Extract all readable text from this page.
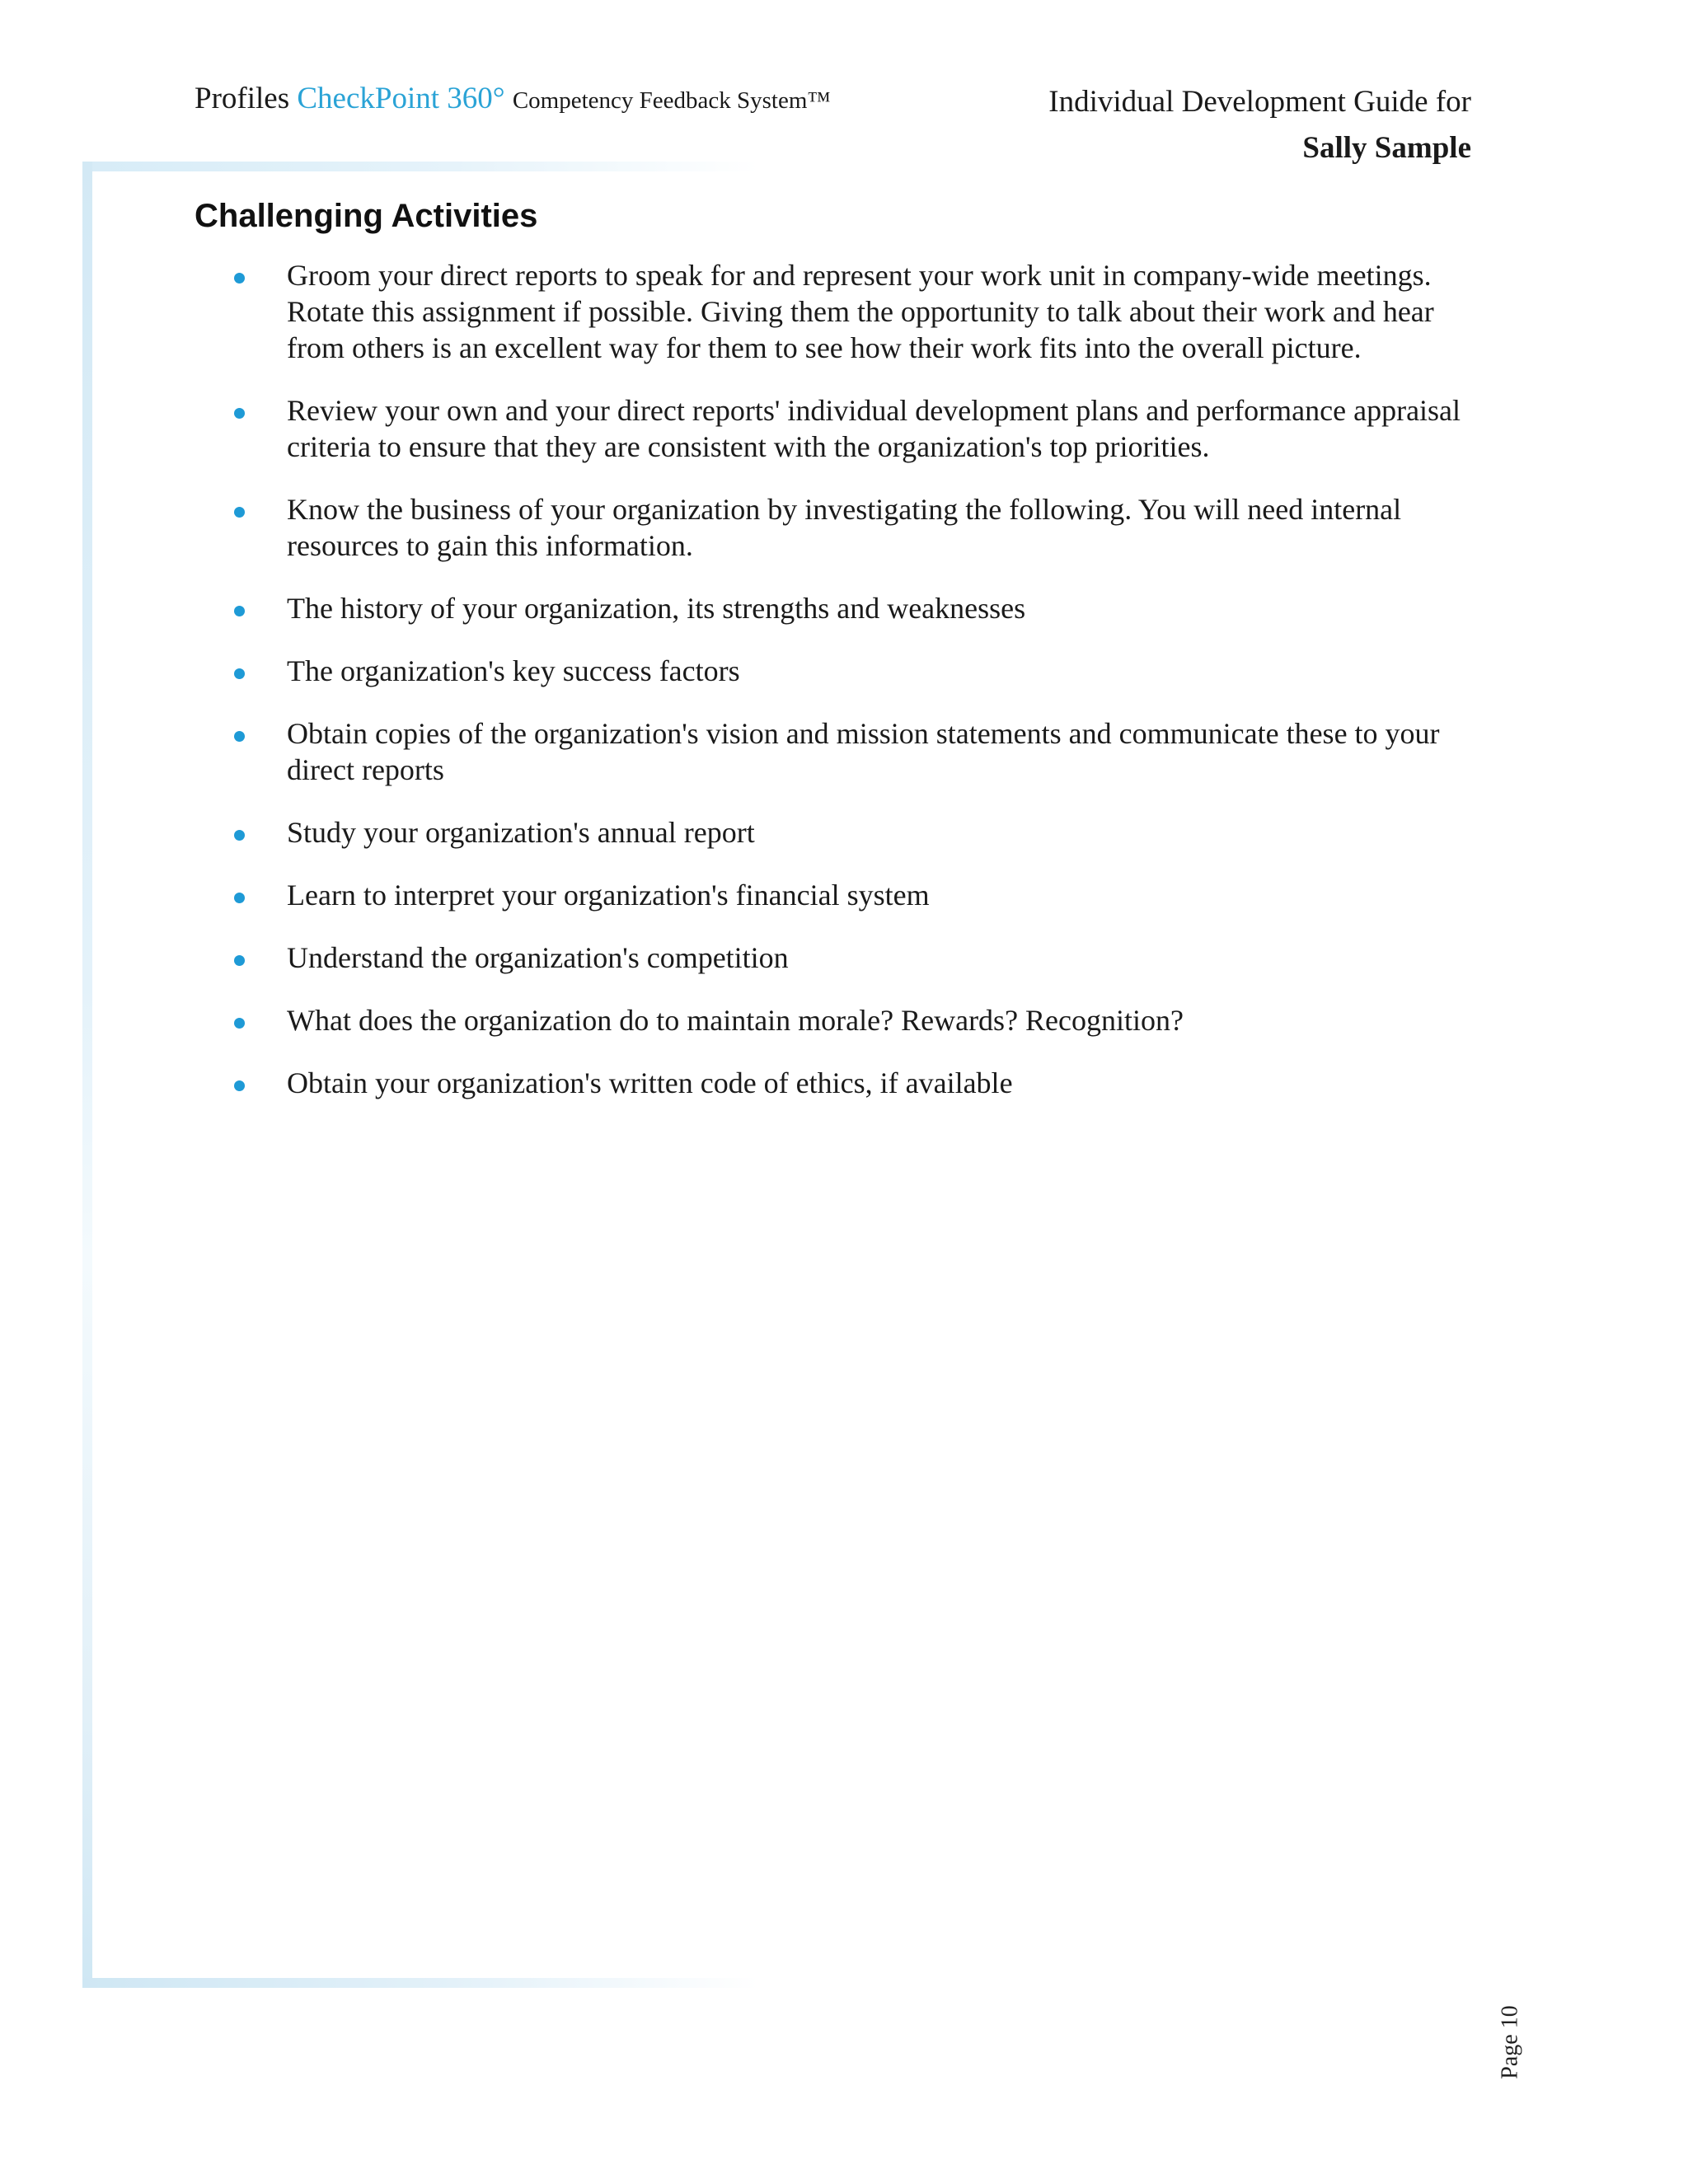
Profiles CheckPoint 360° Competency Feedback System™	Individual Development Guide for
Sally Sample
Challenging Activities
Groom your direct reports to speak for and represent your work unit in company-wide meetings. Rotate this assignment if possible. Giving them the opportunity to talk about their work and hear from others is an excellent way for them to see how their work fits into the overall picture.
Review your own and your direct reports' individual development plans and performance appraisal criteria to ensure that they are consistent with the organization's top priorities.
Know the business of your organization by investigating the following. You will need internal resources to gain this information.
The history of your organization, its strengths and weaknesses
The organization's key success factors
Obtain copies of the organization's vision and mission statements and communicate these to your direct reports
Study your organization's annual report
Learn to interpret your organization's financial system
Understand the organization's competition
What does the organization do to maintain morale? Rewards? Recognition?
Obtain your organization's written code of ethics, if available
Page 10
